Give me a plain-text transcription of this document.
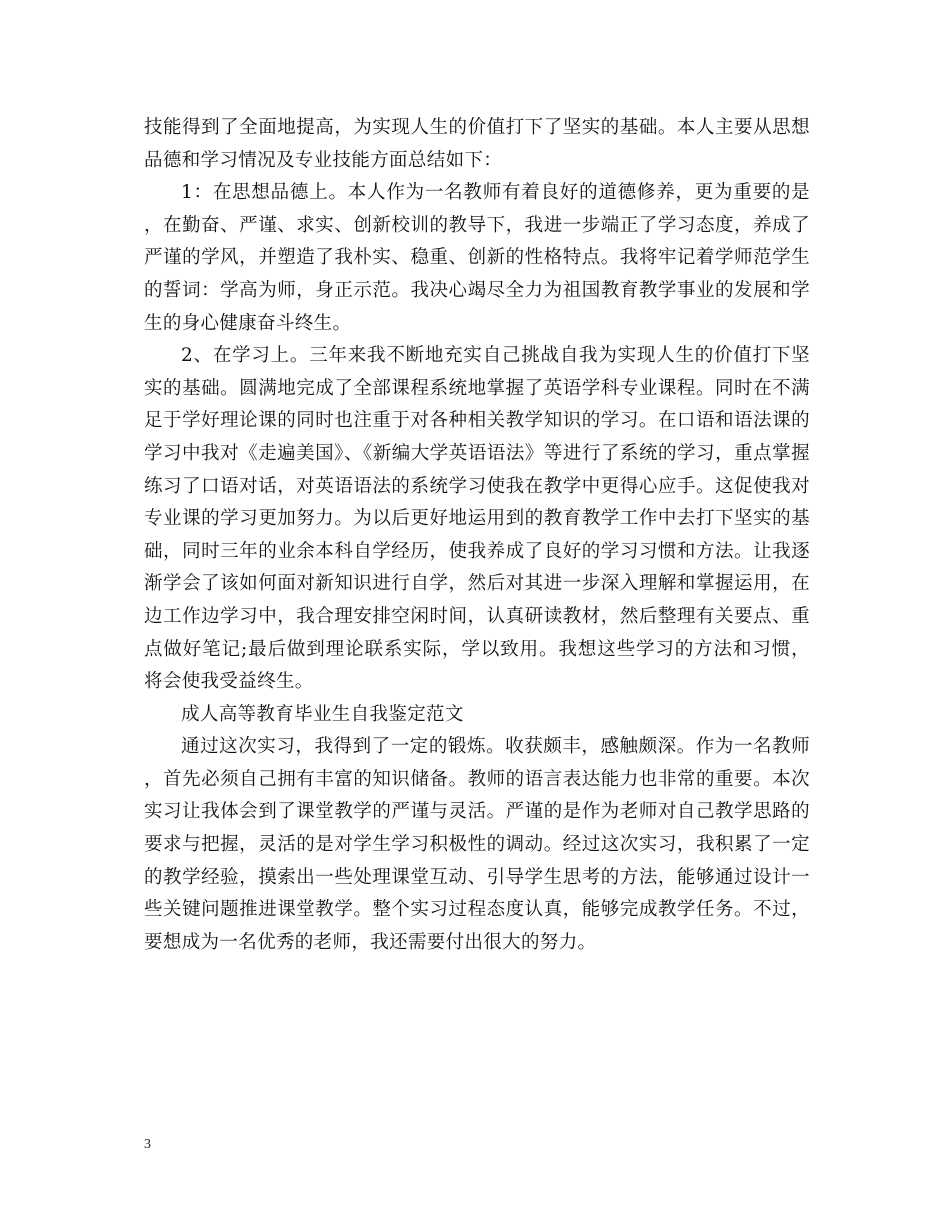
技能得到了全面地提高，为实现人生的价值打下了坚实的基础。本人主要从思想品德和学习情况及专业技能方面总结如下：

1：在思想品德上。本人作为一名教师有着良好的道德修养，更为重要的是，在勤奋、严谨、求实、创新校训的教导下，我进一步端正了学习态度，养成了严谨的学风，并塑造了我朴实、稳重、创新的性格特点。我将牢记着学师范学生的誓词：学高为师，身正示范。我决心竭尽全力为祖国教育教学事业的发展和学生的身心健康奋斗终生。

2、在学习上。三年来我不断地充实自己挑战自我为实现人生的价值打下坚实的基础。圆满地完成了全部课程系统地掌握了英语学科专业课程。同时在不满足于学好理论课的同时也注重于对各种相关教学知识的学习。在口语和语法课的学习中我对《走遍美国》、《新编大学英语语法》等进行了系统的学习，重点掌握练习了口语对话，对英语语法的系统学习使我在教学中更得心应手。这促使我对专业课的学习更加努力。为以后更好地运用到的教育教学工作中去打下坚实的基础，同时三年的业余本科自学经历，使我养成了良好的学习习惯和方法。让我逐渐学会了该如何面对新知识进行自学，然后对其进一步深入理解和掌握运用，在边工作边学习中，我合理安排空闲时间，认真研读教材，然后整理有关要点、重点做好笔记;最后做到理论联系实际，学以致用。我想这些学习的方法和习惯，将会使我受益终生。

成人高等教育毕业生自我鉴定范文

通过这次实习，我得到了一定的锻炼。收获颇丰，感触颇深。作为一名教师，首先必须自己拥有丰富的知识储备。教师的语言表达能力也非常的重要。本次实习让我体会到了课堂教学的严谨与灵活。严谨的是作为老师对自己教学思路的要求与把握，灵活的是对学生学习积极性的调动。经过这次实习，我积累了一定的教学经验，摸索出一些处理课堂互动、引导学生思考的方法，能够通过设计一些关键问题推进课堂教学。整个实习过程态度认真，能够完成教学任务。不过，要想成为一名优秀的老师，我还需要付出很大的努力。

3
